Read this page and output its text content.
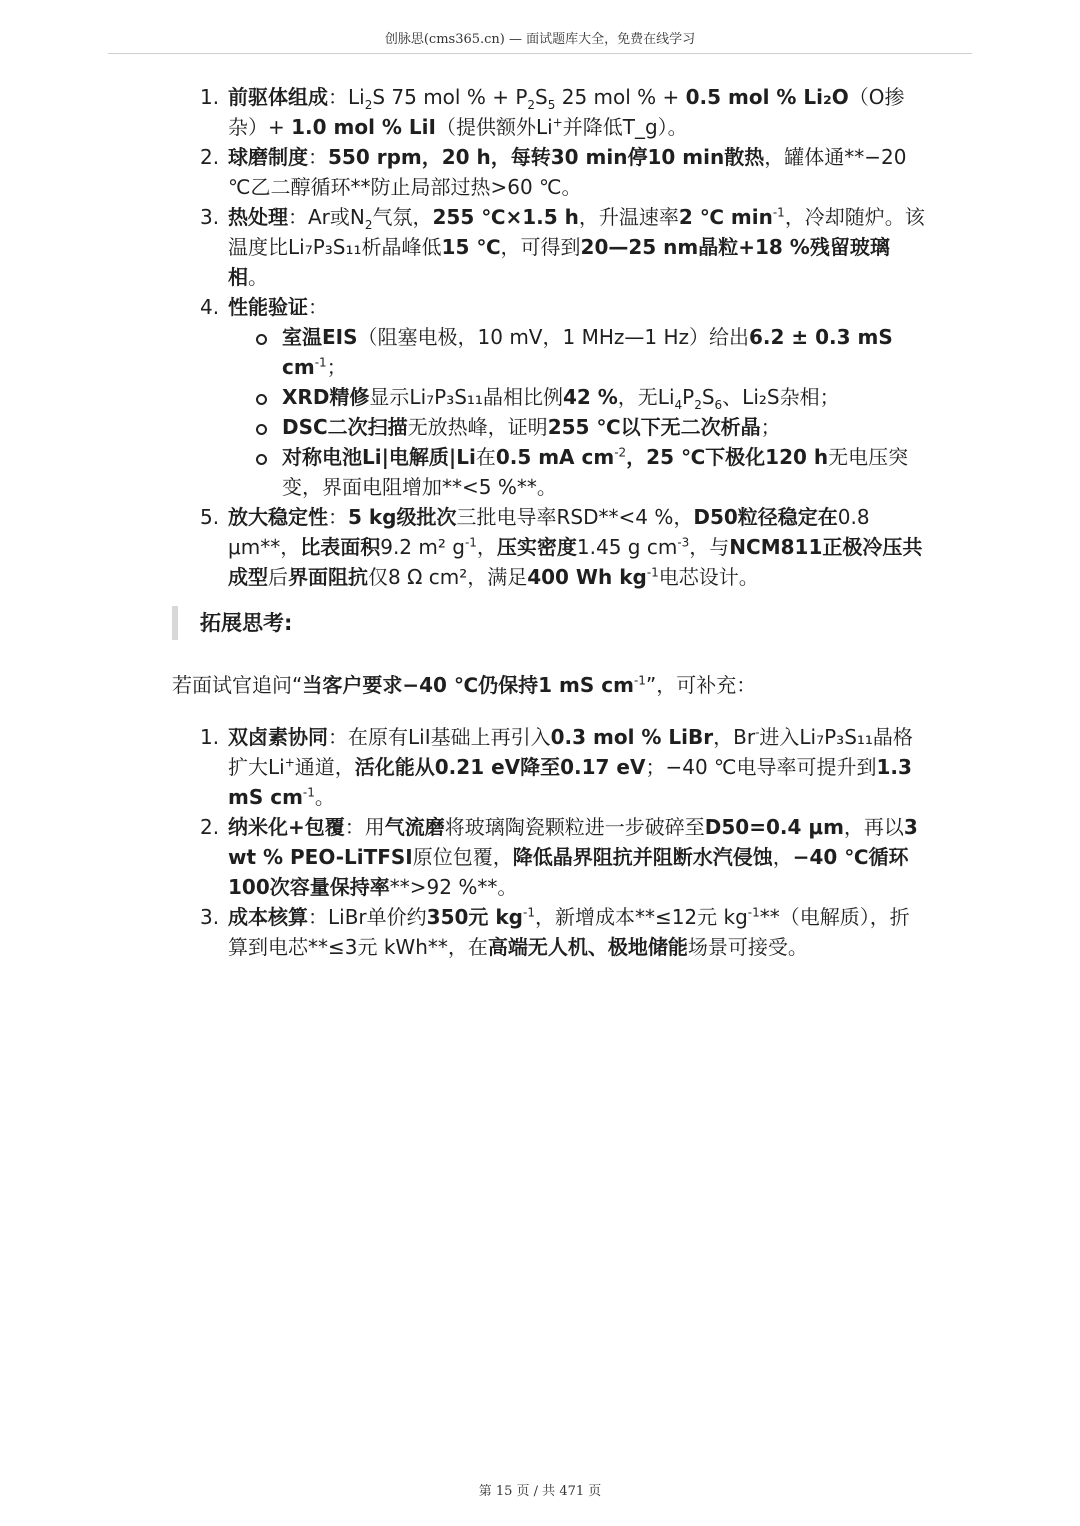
创脉思(cms365.cn) — 面试题库大全，免费在线学习
1. 前驱体组成：$Li_2S$ 75 mol % + $P_2S_5$ 25 mol % + 0.5 mol % Li₂O（O掺杂）+ 1.0 mol % LiI（提供额外Li+并降低T_g）。
2. 球磨制度：550 rpm，20 h，每转30 min停10 min散热，罐体通**−20 ℃乙二醇循环**防止局部过热>60 ℃。
3. 热处理：Ar或$N_2$气氛，255 ℃×1.5 h，升温速率2 ℃ $\min^{-1}$，冷却随炉。该温度比Li₇P₃S₁₁析晶峰低15 ℃，可得到20—25 nm晶粒+18 %残留玻璃相。
4. 性能验证：
室温EIS（阻塞电极，10 mV，1 MHz—1 Hz）给出6.2 ± 0.3 mS $cm^{-1}$；
XRD精修显示Li₇P₃S₁₁晶相比例42 %，无$Li_4P_2S_6$、Li₂S杂相；
DSC二次扫描无放热峰，证明255 ℃以下无二次析晶；
对称电池Li|电解质|Li在0.5 mA $cm^{-2}$，25 ℃下极化120 h无电压突变，界面电阻增加**<5 %**。
5. 放大稳定性：5 kg级批次三批电导率RSD**<4 %，D50粒径稳定在0.8 μm**，比表面积9.2 m² $g^{-1}$，压实密度1.45 g $cm^{-3}$，与NCM811正极冷压共成型后界面阻抗仅8 Ω cm²，满足400 Wh $kg^{-1}$电芯设计。
拓展思考:
若面试官追问“当客户要求−40 ℃仍保持1 mS $cm^{-1}$”，可补充：
1. 双卤素协同：在原有LiI基础上再引入0.3 mol % LiBr，Br-进入Li₇P₃S₁₁晶格扩大Li+通道，活化能从0.21 eV降至0.17 eV；−40 ℃电导率可提升到1.3 mS $cm^{-1}$。
2. 纳米化+包覆：用气流磨将玻璃陶瓷颗粒进一步破碎至D50=0.4 μm，再以3 wt % PEO-LiTFSI原位包覆，降低晶界阻抗并阻断水汽侵蚀，−40 ℃循环100次容量保持率**>92 %**。
3. 成本核算：LiBr单价约350元 $kg^{-1}$，新增成本**≤12元 $kg^{-1}**$（电解质），折算到电芯**≤3元 kWh**，在高端无人机、极地储能场景可接受。
第 15 页 / 共 471 页
